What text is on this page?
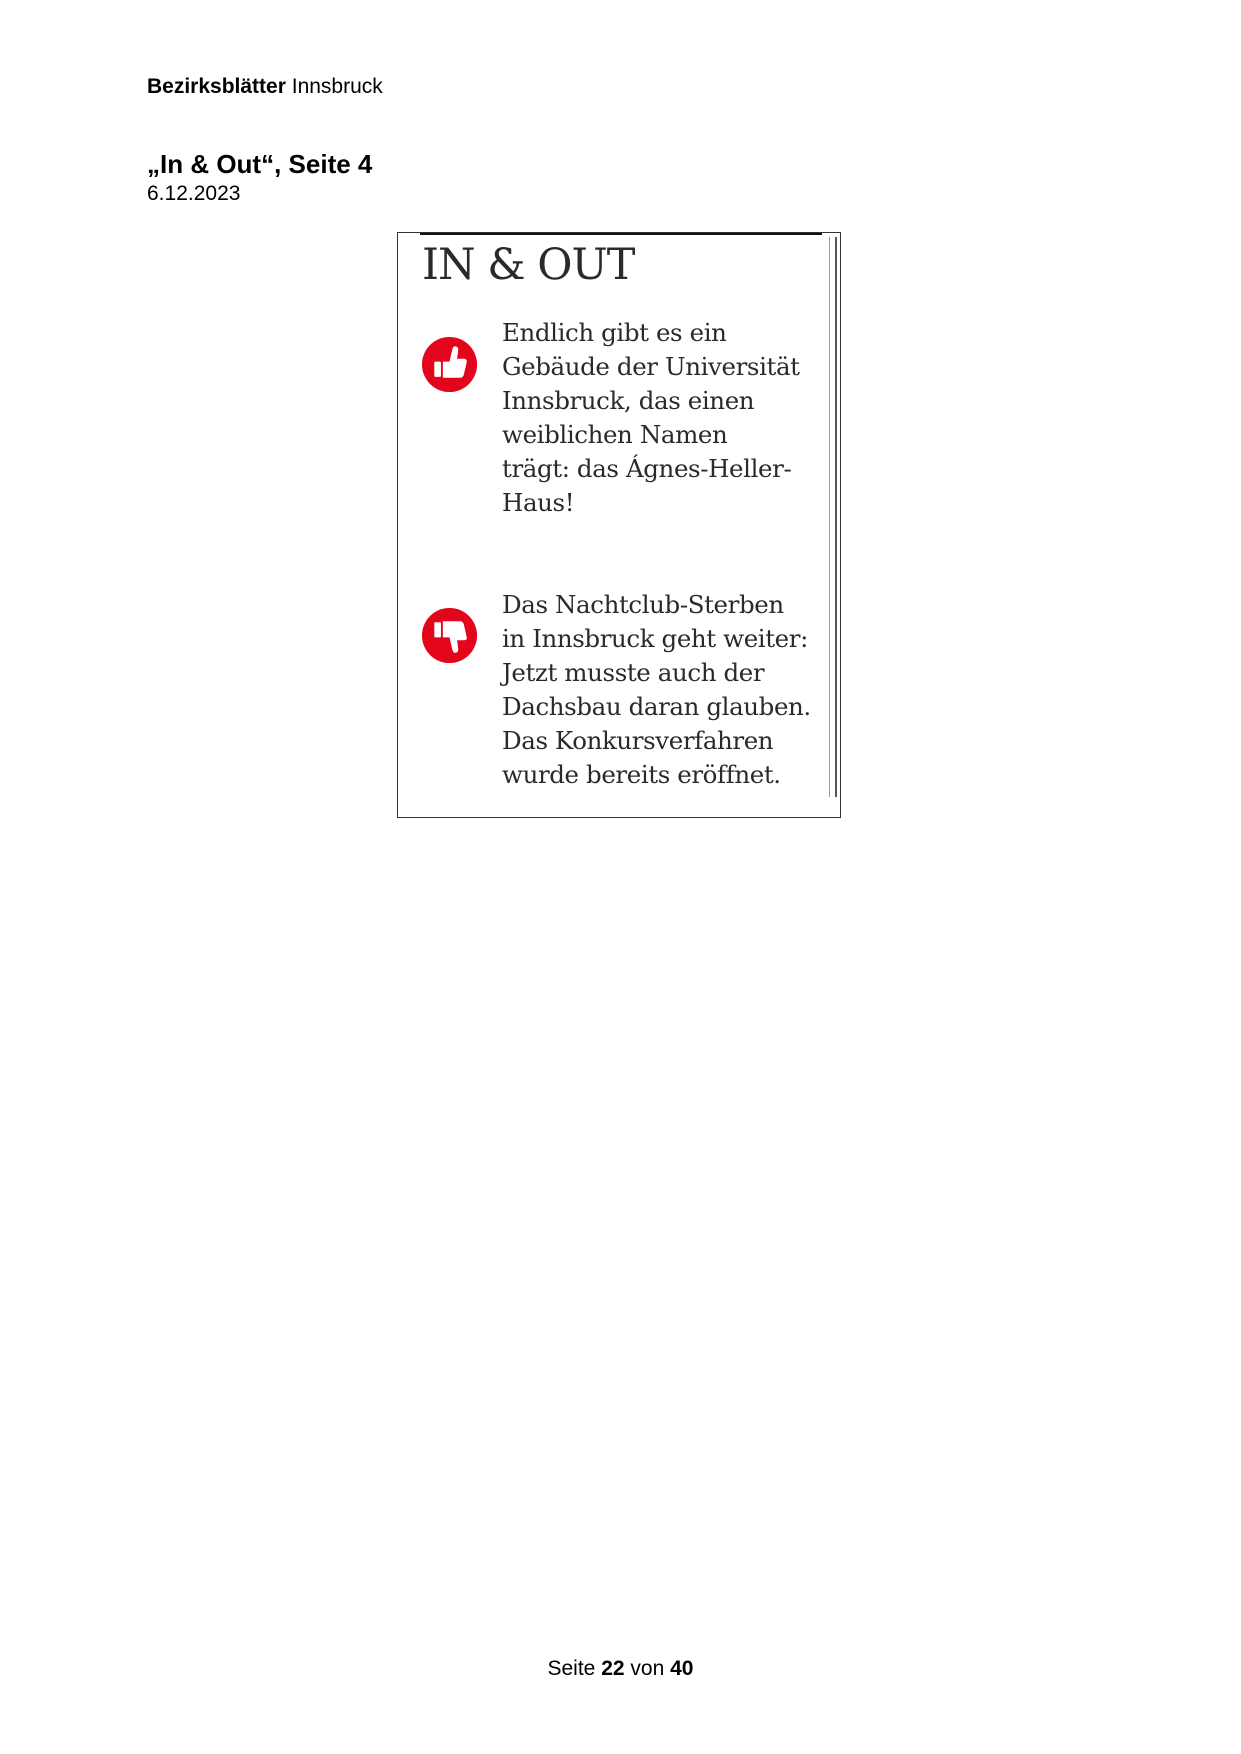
Bezirksblätter Innsbruck
„In & Out“, Seite 4
6.12.2023
IN & OUT
Endlich gibt es ein
Gebäude der Universität
Innsbruck, das einen
weiblichen Namen
trägt: das Ágnes-Heller-
Haus!
Das Nachtclub-Sterben
in Innsbruck geht weiter:
Jetzt musste auch der
Dachsbau daran glauben.
Das Konkursverfahren
wurde bereits eröffnet.
Seite 22 von 40
